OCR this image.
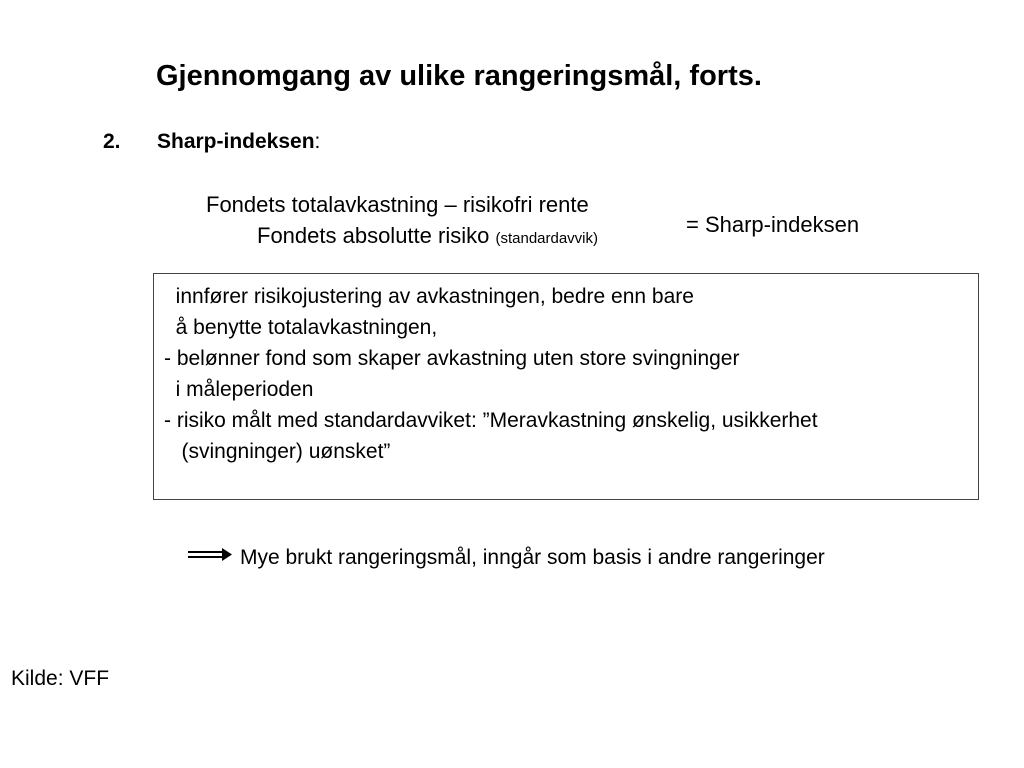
Gjennomgang av ulike rangeringsmål, forts.
2. Sharp-indeksen:
Fondets totalavkastning – risikofri rente
Fondets absolutte risiko (standardavvik)
= Sharp-indeksen
innfører risikojustering av avkastningen, bedre enn bare
å benytte totalavkastningen,
- belønner fond som skaper avkastning uten store svingninger
i måleperioden
- risiko målt med standardavviket: ”Meravkastning ønskelig, usikkerhet
(svingninger) uønsket”
Mye brukt rangeringsmål, inngår som basis i andre rangeringer
Kilde: VFF
